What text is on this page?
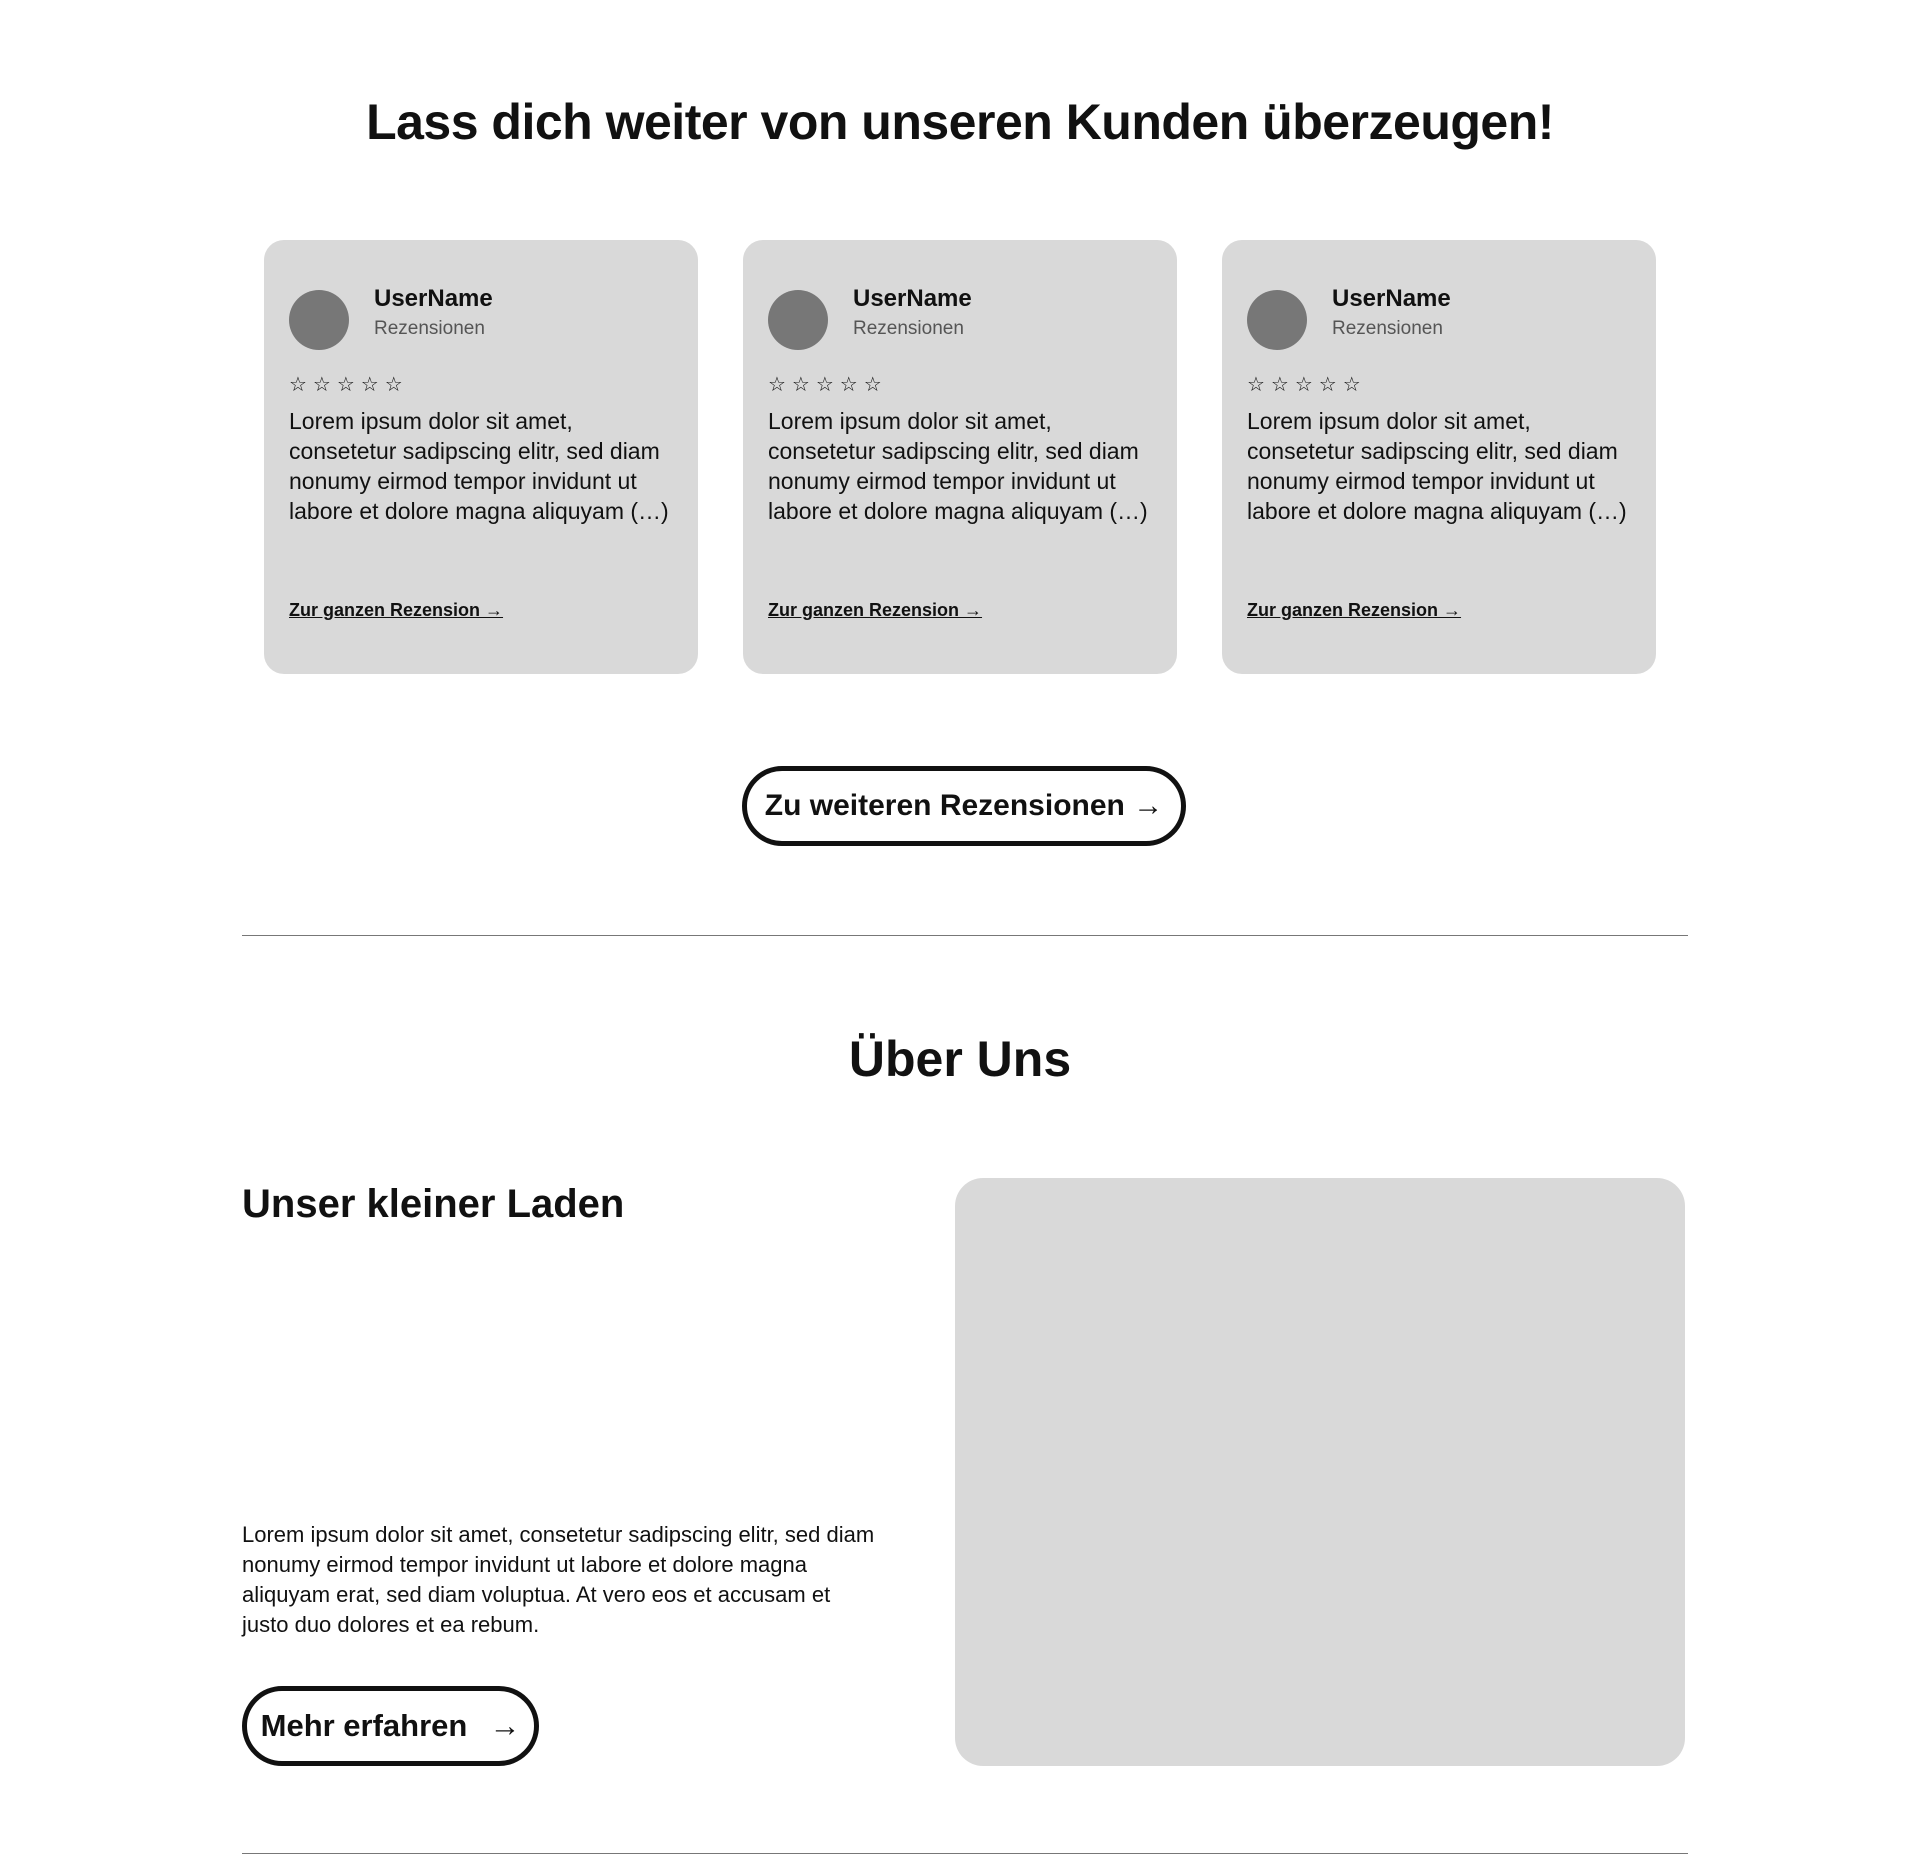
Lass dich weiter von unseren Kunden überzeugen!
UserName
Rezensionen
☆☆☆☆☆
Lorem ipsum dolor sit amet, consetetur sadipscing elitr, sed diam nonumy eirmod tempor invidunt ut labore et dolore magna aliquyam (…)
Zur ganzen Rezension →
UserName
Rezensionen
☆☆☆☆☆
Lorem ipsum dolor sit amet, consetetur sadipscing elitr, sed diam nonumy eirmod tempor invidunt ut labore et dolore magna aliquyam (…)
Zur ganzen Rezension →
UserName
Rezensionen
☆☆☆☆☆
Lorem ipsum dolor sit amet, consetetur sadipscing elitr, sed diam nonumy eirmod tempor invidunt ut labore et dolore magna aliquyam (…)
Zur ganzen Rezension →
Zu weiteren Rezensionen →
Über Uns
Unser kleiner Laden

Lorem ipsum dolor sit amet, consetetur sadipscing elitr, sed diam nonumy eirmod tempor invidunt ut labore et dolore magna aliquyam erat, sed diam voluptua. At vero eos et accusam et justo duo dolores et ea rebum.

Mehr erfahren →
